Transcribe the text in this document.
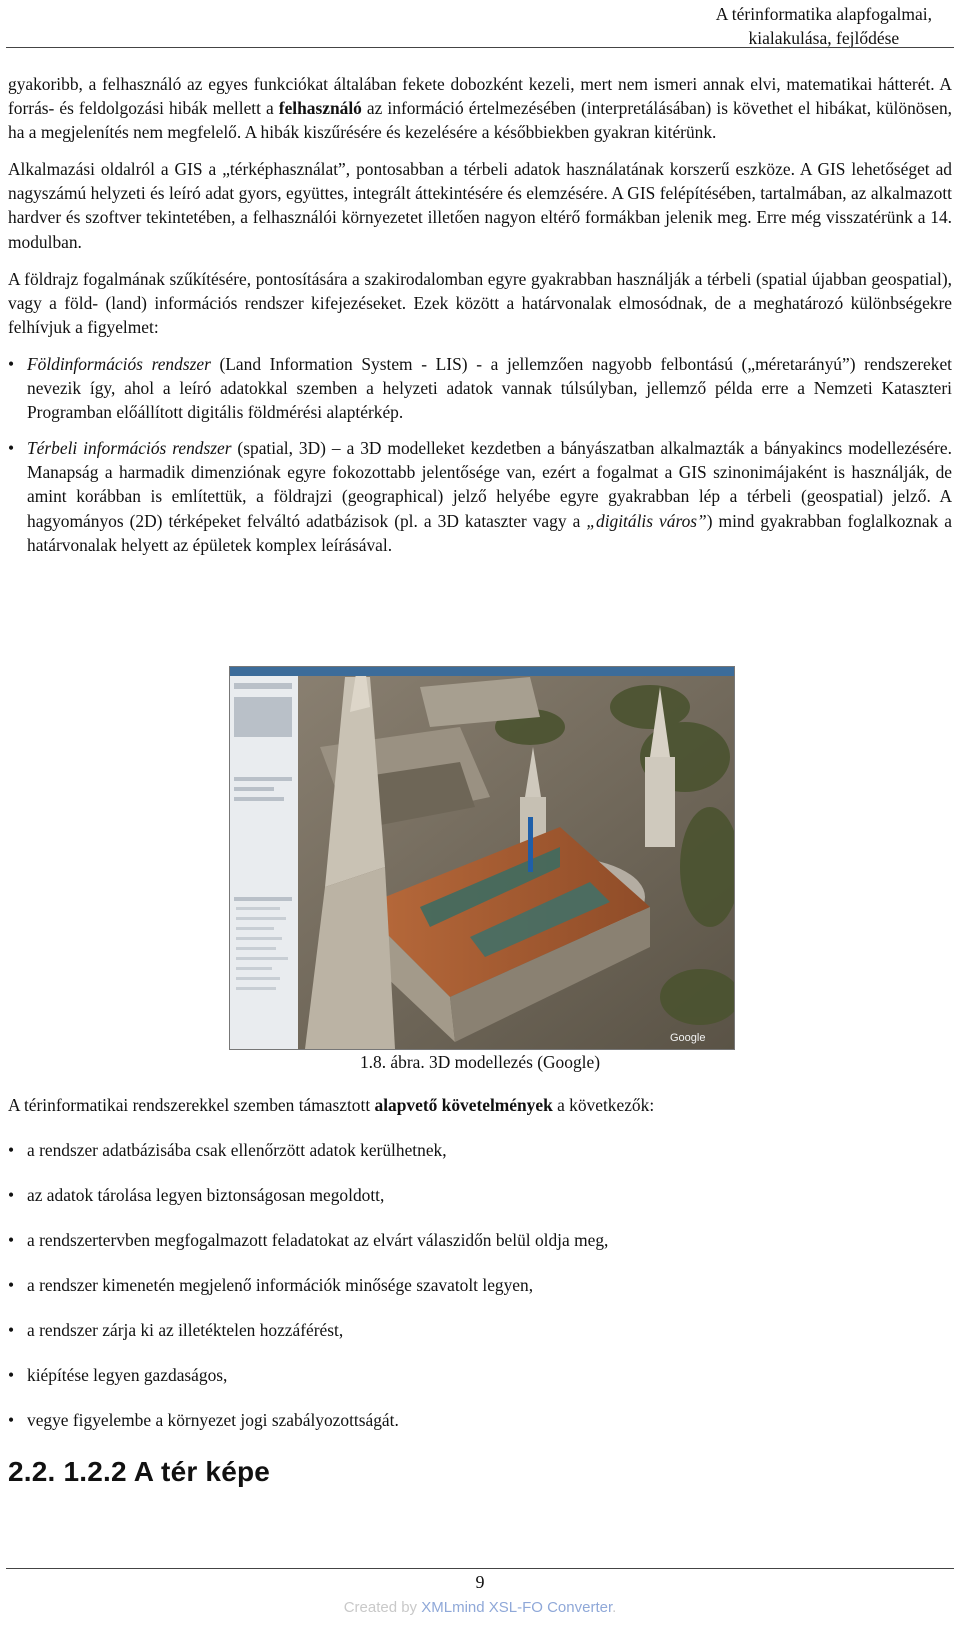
A térinformatika alapfogalmai,
kialakulása, fejlődése

gyakoribb, a felhasználó az egyes funkciókat általában fekete dobozként kezeli, mert nem ismeri annak elvi, matematikai hátterét. A forrás- és feldolgozási hibák mellett a felhasználó az információ értelmezésében (interpretálásában) is követhet el hibákat, különösen, ha a megjelenítés nem megfelelő. A hibák kiszűrésére és kezelésére a későbbiekben gyakran kitérünk.

Alkalmazási oldalról a GIS a „térképhasználat”, pontosabban a térbeli adatok használatának korszerű eszköze. A GIS lehetőséget ad nagyszámú helyzeti és leíró adat gyors, együttes, integrált áttekintésére és elemzésére. A GIS felépítésében, tartalmában, az alkalmazott hardver és szoftver tekintetében, a felhasználói környezetet illetően nagyon eltérő formákban jelenik meg. Erre még visszatérünk a 14. modulban.

A földrajz fogalmának szűkítésére, pontosítására a szakirodalomban egyre gyakrabban használják a térbeli (spatial újabban geospatial), vagy a föld- (land) információs rendszer kifejezéseket. Ezek között a határvonalak elmosódnak, de a meghatározó különbségekre felhívjuk a figyelmet:

• Földinformációs rendszer (Land Information System - LIS) - a jellemzően nagyobb felbontású („méretarányú”) rendszereket nevezik így, ahol a leíró adatokkal szemben a helyzeti adatok vannak túlsúlyban, jellemző példa erre a Nemzeti Kataszteri Programban előállított digitális földmérési alaptérkép.
• Térbeli információs rendszer (spatial, 3D) – a 3D modelleket kezdetben a bányászatban alkalmazták a bányakincs modellezésére. Manapság a harmadik dimenziónak egyre fokozottabb jelentősége van, ezért a fogalmat a GIS szinonimájaként is használják, de amint korábban is említettük, a földrajzi (geographical) jelző helyébe egyre gyakrabban lép a térbeli (geospatial) jelző. A hagyományos (2D) térképeket felváltó adatbázisok (pl. a 3D kataszter vagy a „digitális város”) mind gyakrabban foglalkoznak a határvonalak helyett az épületek komplex leírásával.
Google
1.8. ábra. 3D modellezés (Google)
A térinformatikai rendszerekkel szemben támasztott alapvető követelmények a következők:
• a rendszer adatbázisába csak ellenőrzött adatok kerülhetnek,
• az adatok tárolása legyen biztonságosan megoldott,
• a rendszertervben megfogalmazott feladatokat az elvárt válaszidőn belül oldja meg,
• a rendszer kimenetén megjelenő információk minősége szavatolt legyen,
• a rendszer zárja ki az illetéktelen hozzáférést,
• kiépítése legyen gazdaságos,
• vegye figyelembe a környezet jogi szabályozottságát.
2.2. 1.2.2 A tér képe
9
Created by XMLmind XSL-FO Converter.
